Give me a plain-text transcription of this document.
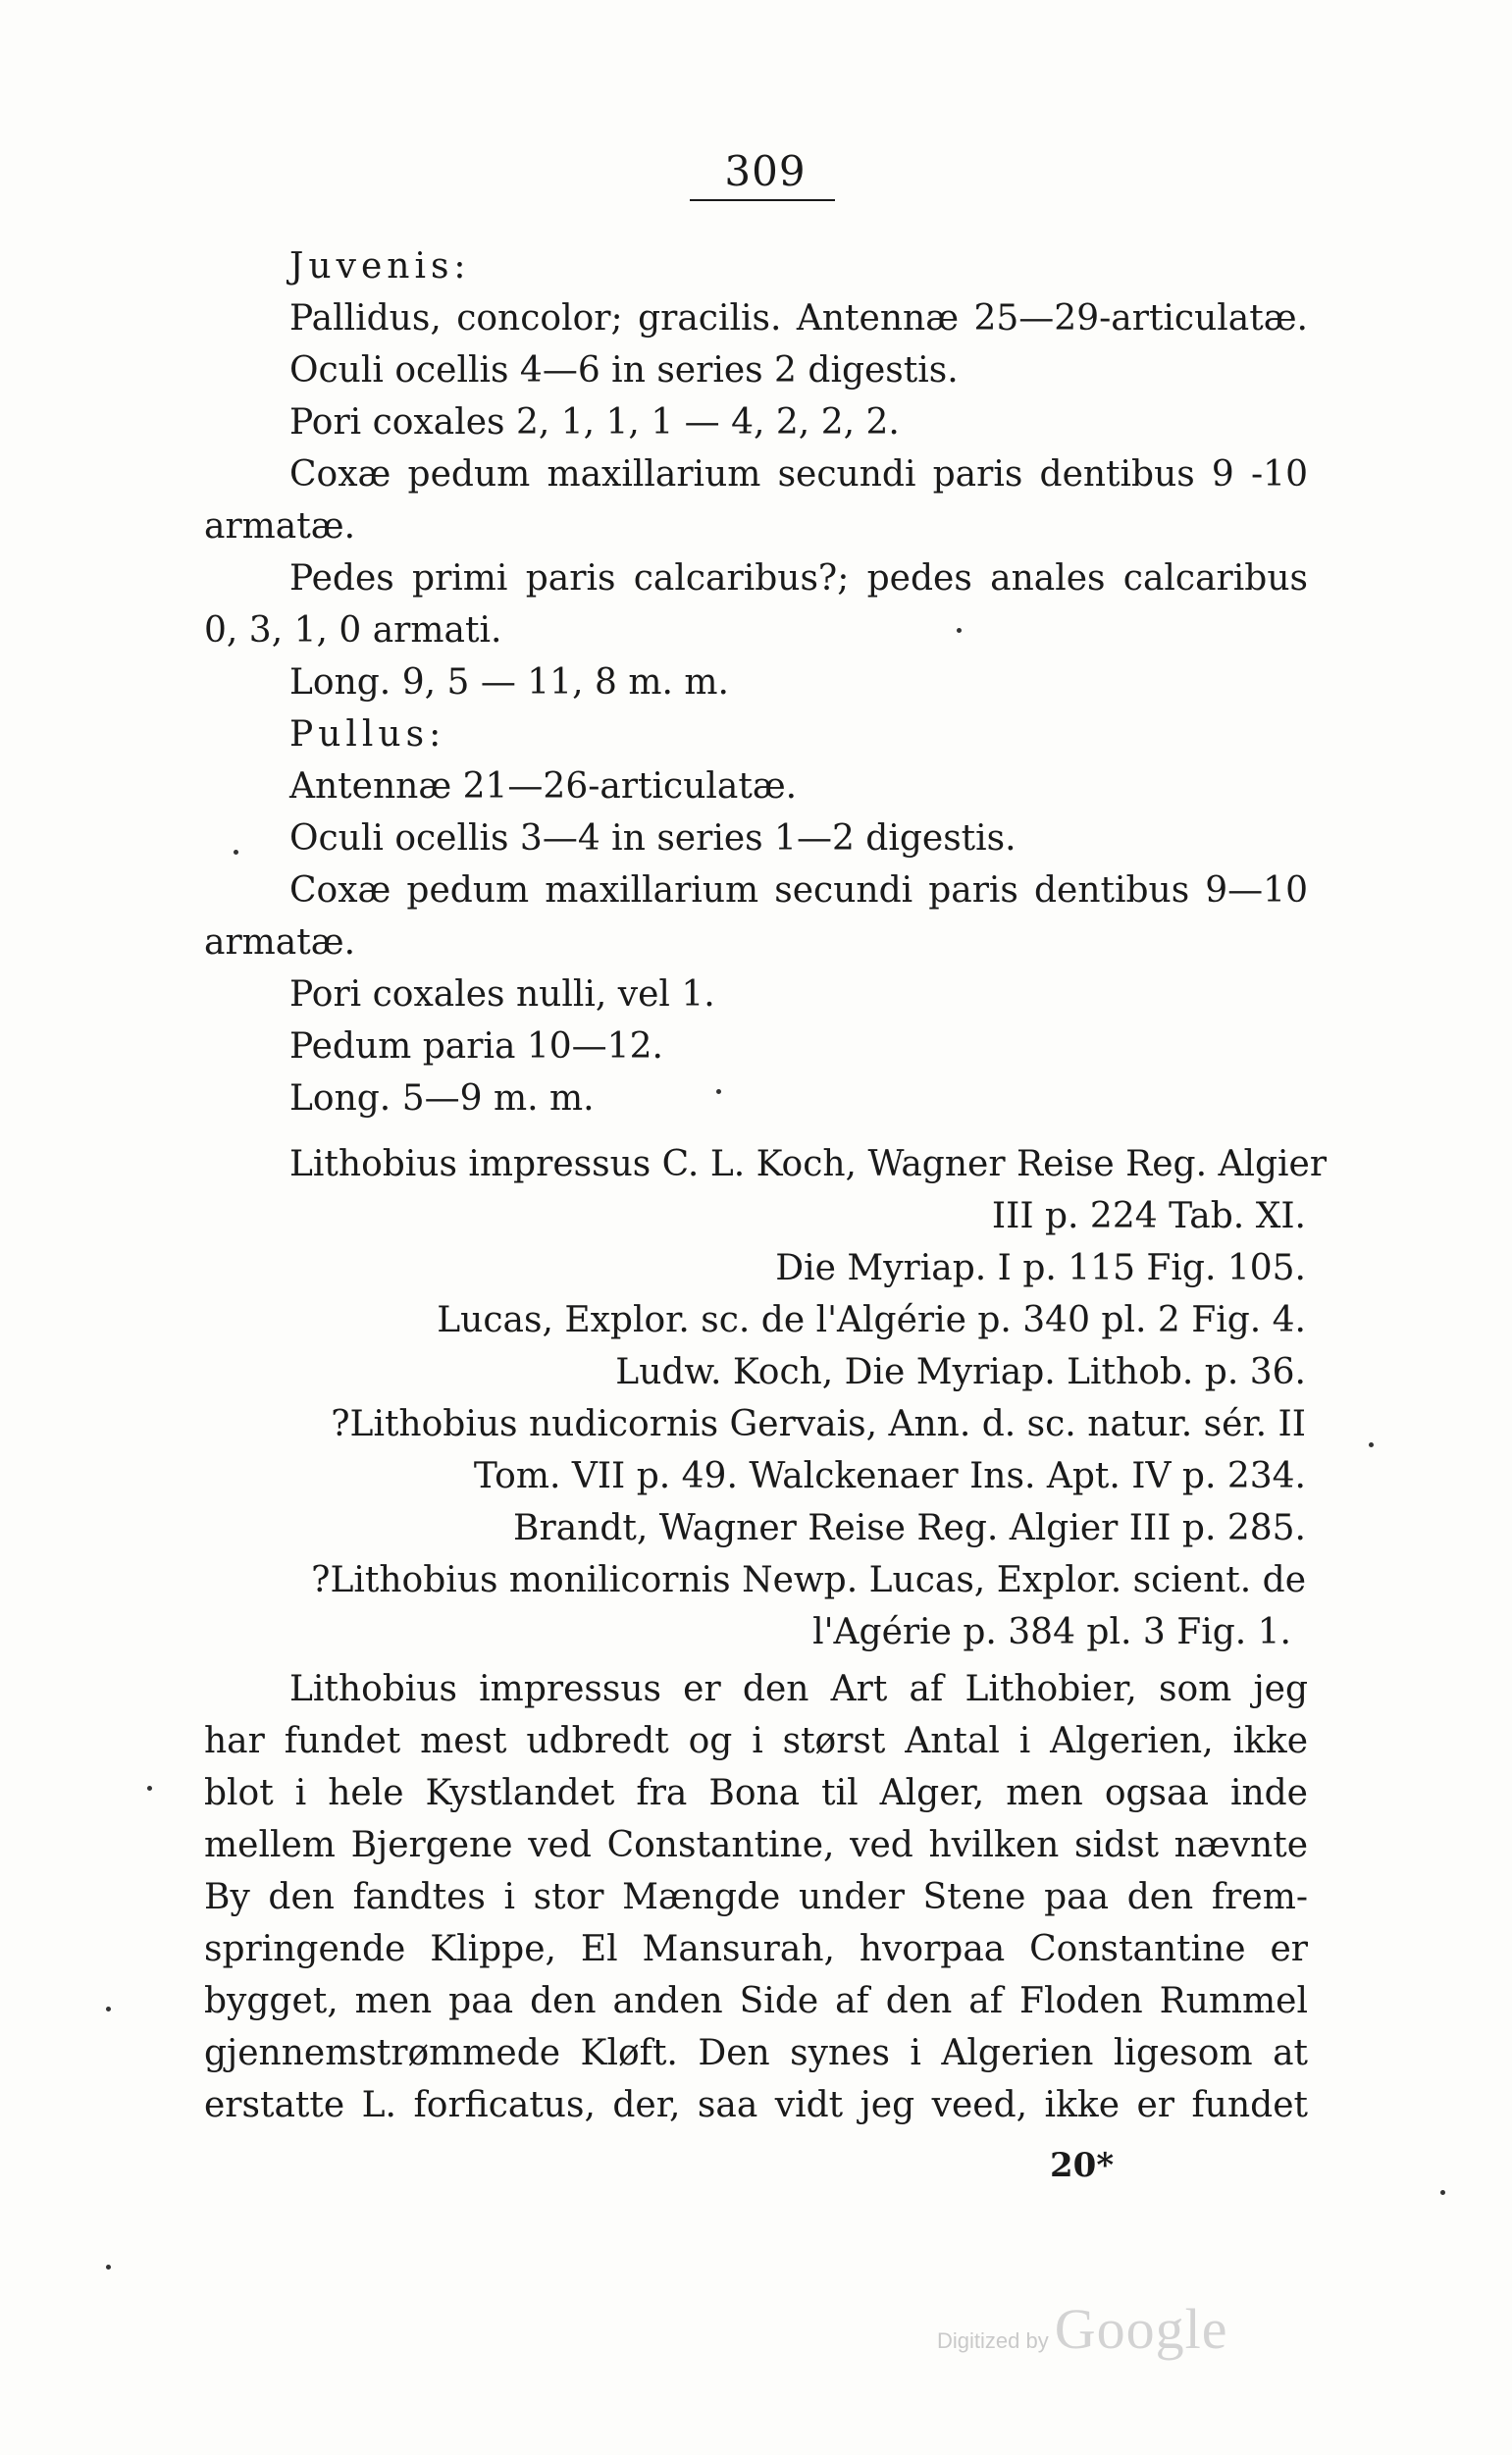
309
Juvenis:
Pallidus, concolor; gracilis. Antennæ 25—29-articulatæ.
Oculi ocellis 4—6 in series 2 digestis.
Pori coxales 2, 1, 1, 1 — 4, 2, 2, 2.
Coxæ pedum maxillarium secundi paris dentibus 9 -10
armatæ.
Pedes primi paris calcaribus?; pedes anales calcaribus
0, 3, 1, 0 armati.
Long. 9, 5 — 11, 8 m. m.
Pullus:
Antennæ 21—26-articulatæ.
Oculi ocellis 3—4 in series 1—2 digestis.
Coxæ pedum maxillarium secundi paris dentibus 9—10
armatæ.
Pori coxales nulli, vel 1.
Pedum paria 10—12.
Long. 5—9 m. m.
Lithobius impressus C. L. Koch, Wagner Reise Reg. Algier
III p. 224 Tab. XI.
Die Myriap. I p. 115 Fig. 105.
Lucas, Explor. sc. de l'Algérie p. 340 pl. 2 Fig. 4.
Ludw. Koch, Die Myriap. Lithob. p. 36.
?Lithobius nudicornis Gervais, Ann. d. sc. natur. sér. II
Tom. VII p. 49. Walckenaer Ins. Apt. IV p. 234.
Brandt, Wagner Reise Reg. Algier III p. 285.
?Lithobius monilicornis Newp. Lucas, Explor. scient. de
l'Agérie p. 384 pl. 3 Fig. 1.
Lithobius impressus er den Art af Lithobier, som jeg
har fundet mest udbredt og i størst Antal i Algerien, ikke
blot i hele Kystlandet fra Bona til Alger, men ogsaa inde
mellem Bjergene ved Constantine, ved hvilken sidst nævnte
By den fandtes i stor Mængde under Stene paa den frem-
springende Klippe, El Mansurah, hvorpaa Constantine er
bygget, men paa den anden Side af den af Floden Rummel
gjennemstrømmede Kløft. Den synes i Algerien ligesom at
erstatte L. forficatus, der, saa vidt jeg veed, ikke er fundet
20*
Digitized by Google
